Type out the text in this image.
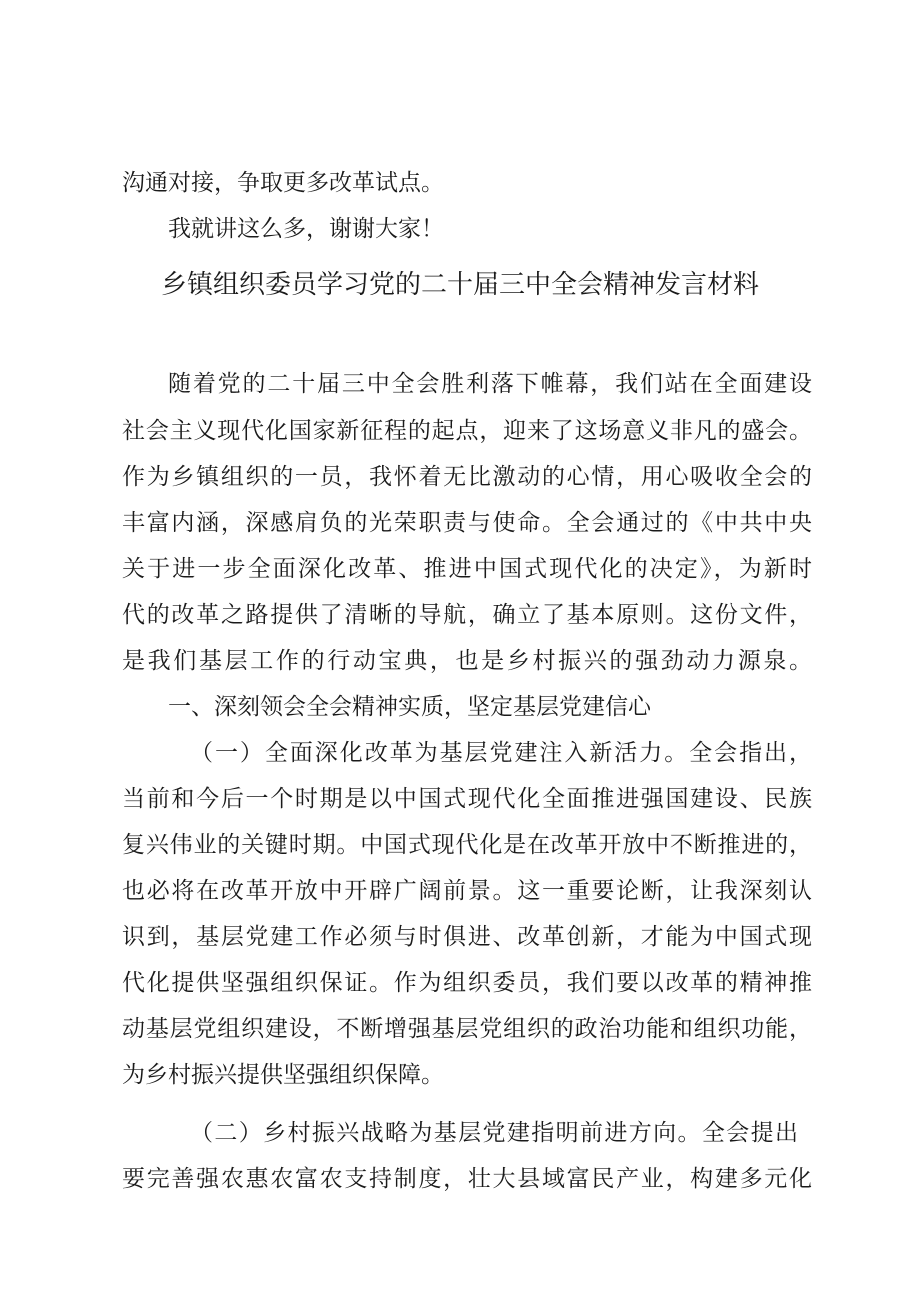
沟通对接，争取更多改革试点。
我就讲这么多，谢谢大家！
乡镇组织委员学习党的二十届三中全会精神发言材料
随着党的二十届三中全会胜利落下帷幕，我们站在全面建设
社会主义现代化国家新征程的起点，迎来了这场意义非凡的盛会。
作为乡镇组织的一员，我怀着无比激动的心情，用心吸收全会的
丰富内涵，深感肩负的光荣职责与使命。全会通过的《中共中央
关于进一步全面深化改革、推进中国式现代化的决定》，为新时
代的改革之路提供了清晰的导航，确立了基本原则。这份文件，
是我们基层工作的行动宝典，也是乡村振兴的强劲动力源泉。
一、深刻领会全会精神实质，坚定基层党建信心
（一）全面深化改革为基层党建注入新活力。全会指出，
当前和今后一个时期是以中国式现代化全面推进强国建设、民族
复兴伟业的关键时期。中国式现代化是在改革开放中不断推进的，
也必将在改革开放中开辟广阔前景。这一重要论断，让我深刻认
识到，基层党建工作必须与时俱进、改革创新，才能为中国式现
代化提供坚强组织保证。作为组织委员，我们要以改革的精神推
动基层党组织建设，不断增强基层党组织的政治功能和组织功能，
为乡村振兴提供坚强组织保障。
（二）乡村振兴战略为基层党建指明前进方向。全会提出
要完善强农惠农富农支持制度，壮大县域富民产业，构建多元化
